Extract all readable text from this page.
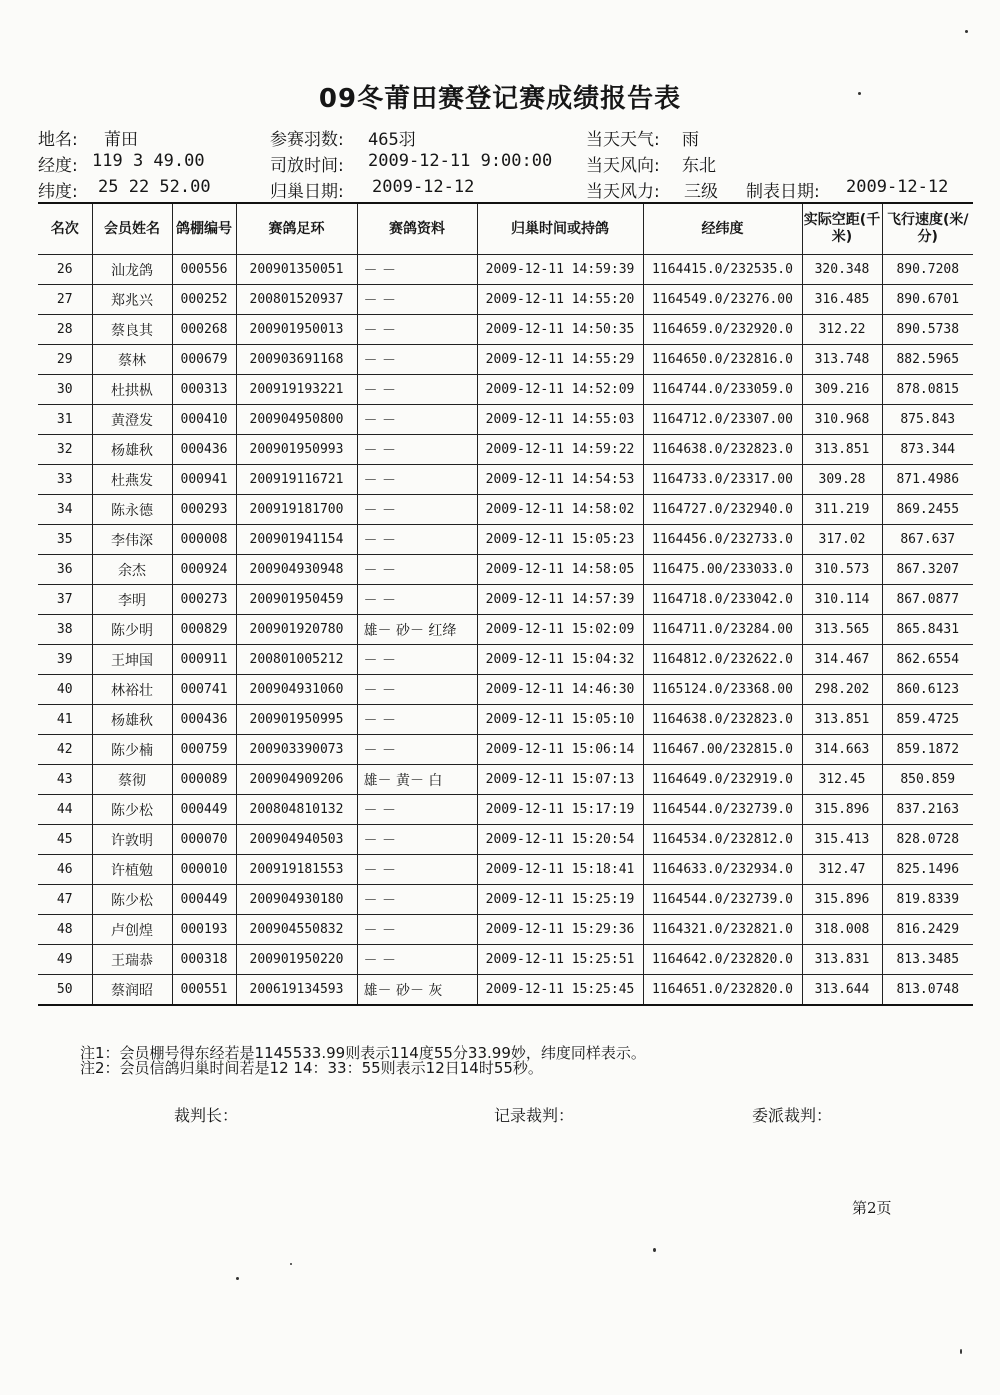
09冬莆田赛登记赛成绩报告表
地名: 莆田	参赛羽数: 465羽	当天天气: 雨
经度: 119 3 49.00	司放时间: 2009-12-11 9:00:00 当天风向: 东北
纬度: 25 22 52.00	归巢日期: 2009-12-12	当天风力: 三级 制表日期: 2009-12-12
名次	会员姓名	鸽棚编号	赛鸽足环	赛鸽资料	归巢时间或持鸽	经纬度	实际空距(千米)	飞行速度(米/分)
26	汕龙鸽	000556	200901350051	－ －	2009-12-11 14:59:39	1164415.0/232535.0	320.348	890.7208
27	郑兆兴	000252	200801520937	－ －	2009-12-11 14:55:20	1164549.0/23276.00	316.485	890.6701
28	蔡良其	000268	200901950013	－ －	2009-12-11 14:50:35	1164659.0/232920.0	312.22	890.5738
29	蔡林	000679	200903691168	－ －	2009-12-11 14:55:29	1164650.0/232816.0	313.748	882.5965
30	杜拱枞	000313	200919193221	－ －	2009-12-11 14:52:09	1164744.0/233059.0	309.216	878.0815
31	黄澄发	000410	200904950800	－ －	2009-12-11 14:55:03	1164712.0/23307.00	310.968	875.843
32	杨雄秋	000436	200901950993	－ －	2009-12-11 14:59:22	1164638.0/232823.0	313.851	873.344
33	杜燕发	000941	200919116721	－ －	2009-12-11 14:54:53	1164733.0/23317.00	309.28	871.4986
34	陈永德	000293	200919181700	－ －	2009-12-11 14:58:02	1164727.0/232940.0	311.219	869.2455
35	李伟深	000008	200901941154	－ －	2009-12-11 15:05:23	1164456.0/232733.0	317.02	867.637
36	余杰	000924	200904930948	－ －	2009-12-11 14:58:05	116475.00/233033.0	310.573	867.3207
37	李明	000273	200901950459	－ －	2009-12-11 14:57:39	1164718.0/233042.0	310.114	867.0877
38	陈少明	000829	200901920780	雄－ 砂－ 红绛	2009-12-11 15:02:09	1164711.0/23284.00	313.565	865.8431
39	王坤国	000911	200801005212	－ －	2009-12-11 15:04:32	1164812.0/232622.0	314.467	862.6554
40	林裕壮	000741	200904931060	－ －	2009-12-11 14:46:30	1165124.0/23368.00	298.202	860.6123
41	杨雄秋	000436	200901950995	－ －	2009-12-11 15:05:10	1164638.0/232823.0	313.851	859.4725
42	陈少楠	000759	200903390073	－ －	2009-12-11 15:06:14	116467.00/232815.0	314.663	859.1872
43	蔡彻	000089	200904909206	雄－ 黄－ 白	2009-12-11 15:07:13	1164649.0/232919.0	312.45	850.859
44	陈少松	000449	200804810132	－ －	2009-12-11 15:17:19	1164544.0/232739.0	315.896	837.2163
45	许敦明	000070	200904940503	－ －	2009-12-11 15:20:54	1164534.0/232812.0	315.413	828.0728
46	许植勉	000010	200919181553	－ －	2009-12-11 15:18:41	1164633.0/232934.0	312.47	825.1496
47	陈少松	000449	200904930180	－ －	2009-12-11 15:25:19	1164544.0/232739.0	315.896	819.8339
48	卢创煌	000193	200904550832	－ －	2009-12-11 15:29:36	1164321.0/232821.0	318.008	816.2429
49	王瑞恭	000318	200901950220	－ －	2009-12-11 15:25:51	1164642.0/232820.0	313.831	813.3485
50	蔡润昭	000551	200619134593	雄－ 砂－ 灰	2009-12-11 15:25:45	1164651.0/232820.0	313.644	813.0748
注1：会员棚号得东经若是1145533.99则表示114度55分33.99妙，纬度同样表示。
注2：会员信鸽归巢时间若是12 14：33：55则表示12日14时55秒。
裁判长：	记录裁判：	委派裁判：
第2页
